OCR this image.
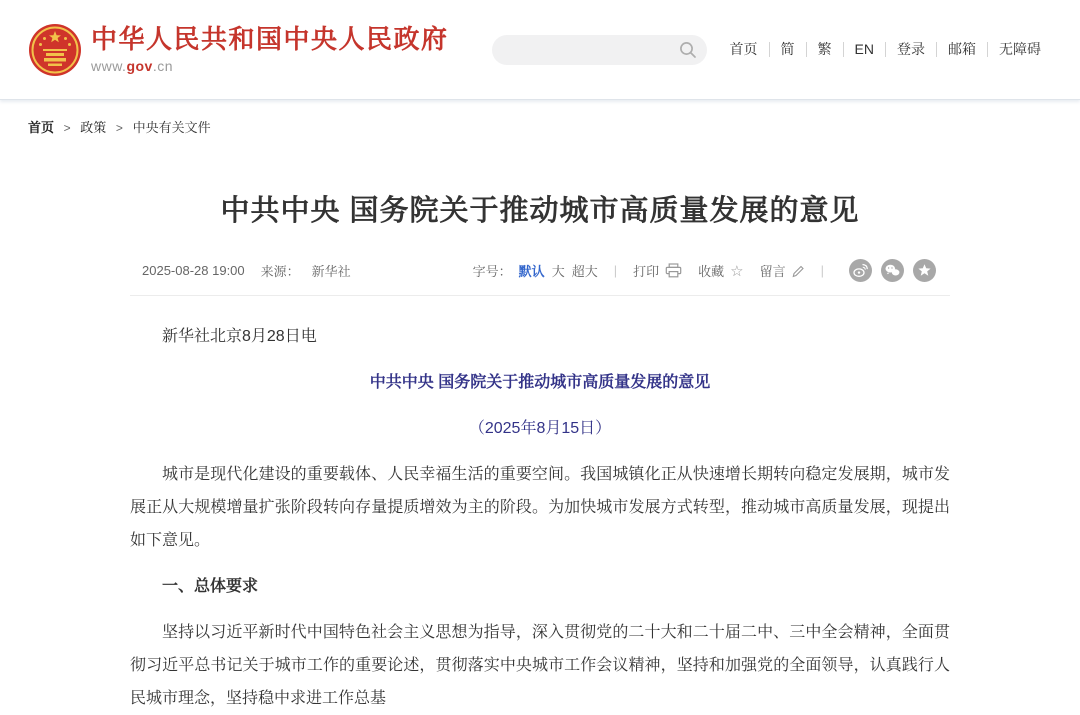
中华人民共和国中央人民政府
www.gov.cn
首页	简	繁	EN	登录	邮箱	无障碍
首页 > 政策 > 中央有关文件
中共中央 国务院关于推动城市高质量发展的意见
2025-08-28 19:00 来源： 新华社	字号： 默认 大 超大 | 打印	收藏 ☆ 留言	|

新华社北京8月28日电

中共中央 国务院关于推动城市高质量发展的意见

（2025年8月15日）

城市是现代化建设的重要载体、人民幸福生活的重要空间。我国城镇化正从快速增长期转向稳定发展期，城市发展正从大规模增量扩张阶段转向存量提质增效为主的阶段。为加快城市发展方式转型，推动城市高质量发展，现提出如下意见。

一、总体要求

坚持以习近平新时代中国特色社会主义思想为指导，深入贯彻党的二十大和二十届二中、三中全会精神，全面贯彻习近平总书记关于城市工作的重要论述，贯彻落实中央城市工作会议精神，坚持和加强党的全面领导，认真践行人民城市理念，坚持稳中求进工作总基
